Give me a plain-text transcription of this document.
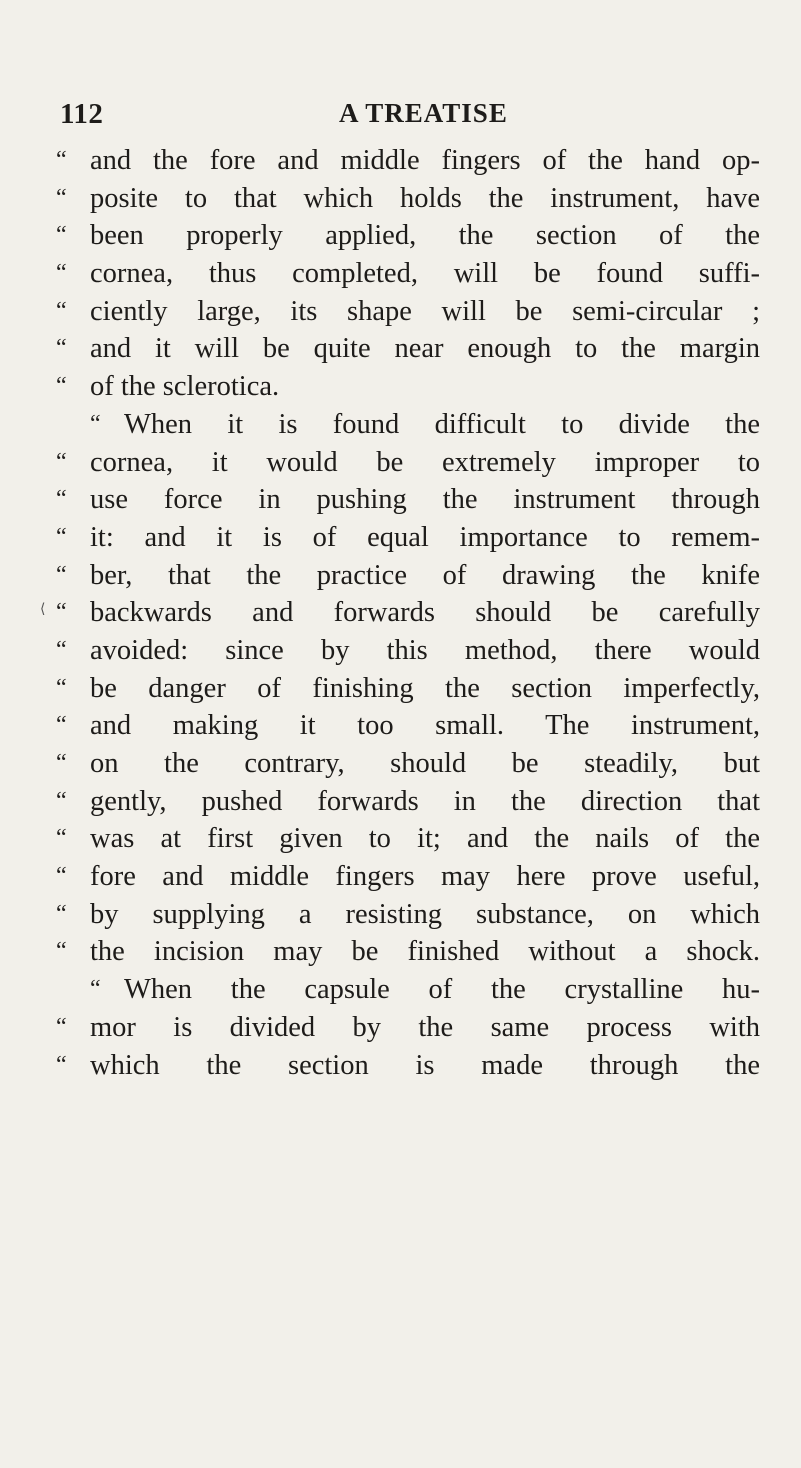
112	A TREATISE
⟨
“ and the fore and middle fingers of the hand op-
“ posite to that which holds the instrument, have
“ been properly applied, the section of the
“ cornea, thus completed, will be found suffi-
“ ciently large, its shape will be semi-circular ;
“ and it will be quite near enough to the margin
“ of the sclerotica.
“ When it is found difficult to divide the
“ cornea, it would be extremely improper to
“ use force in pushing the instrument through
“ it: and it is of equal importance to remem-
“ ber, that the practice of drawing the knife
“ backwards and forwards should be carefully
“ avoided: since by this method, there would
“ be danger of finishing the section imperfectly,
“ and making it too small. The instrument,
“ on the contrary, should be steadily, but
“ gently, pushed forwards in the direction that
“ was at first given to it; and the nails of the
“ fore and middle fingers may here prove useful,
“ by supplying a resisting substance, on which
“ the incision may be finished without a shock.
“ When the capsule of the crystalline hu-
“ mor is divided by the same process with
“ which the section is made through the
